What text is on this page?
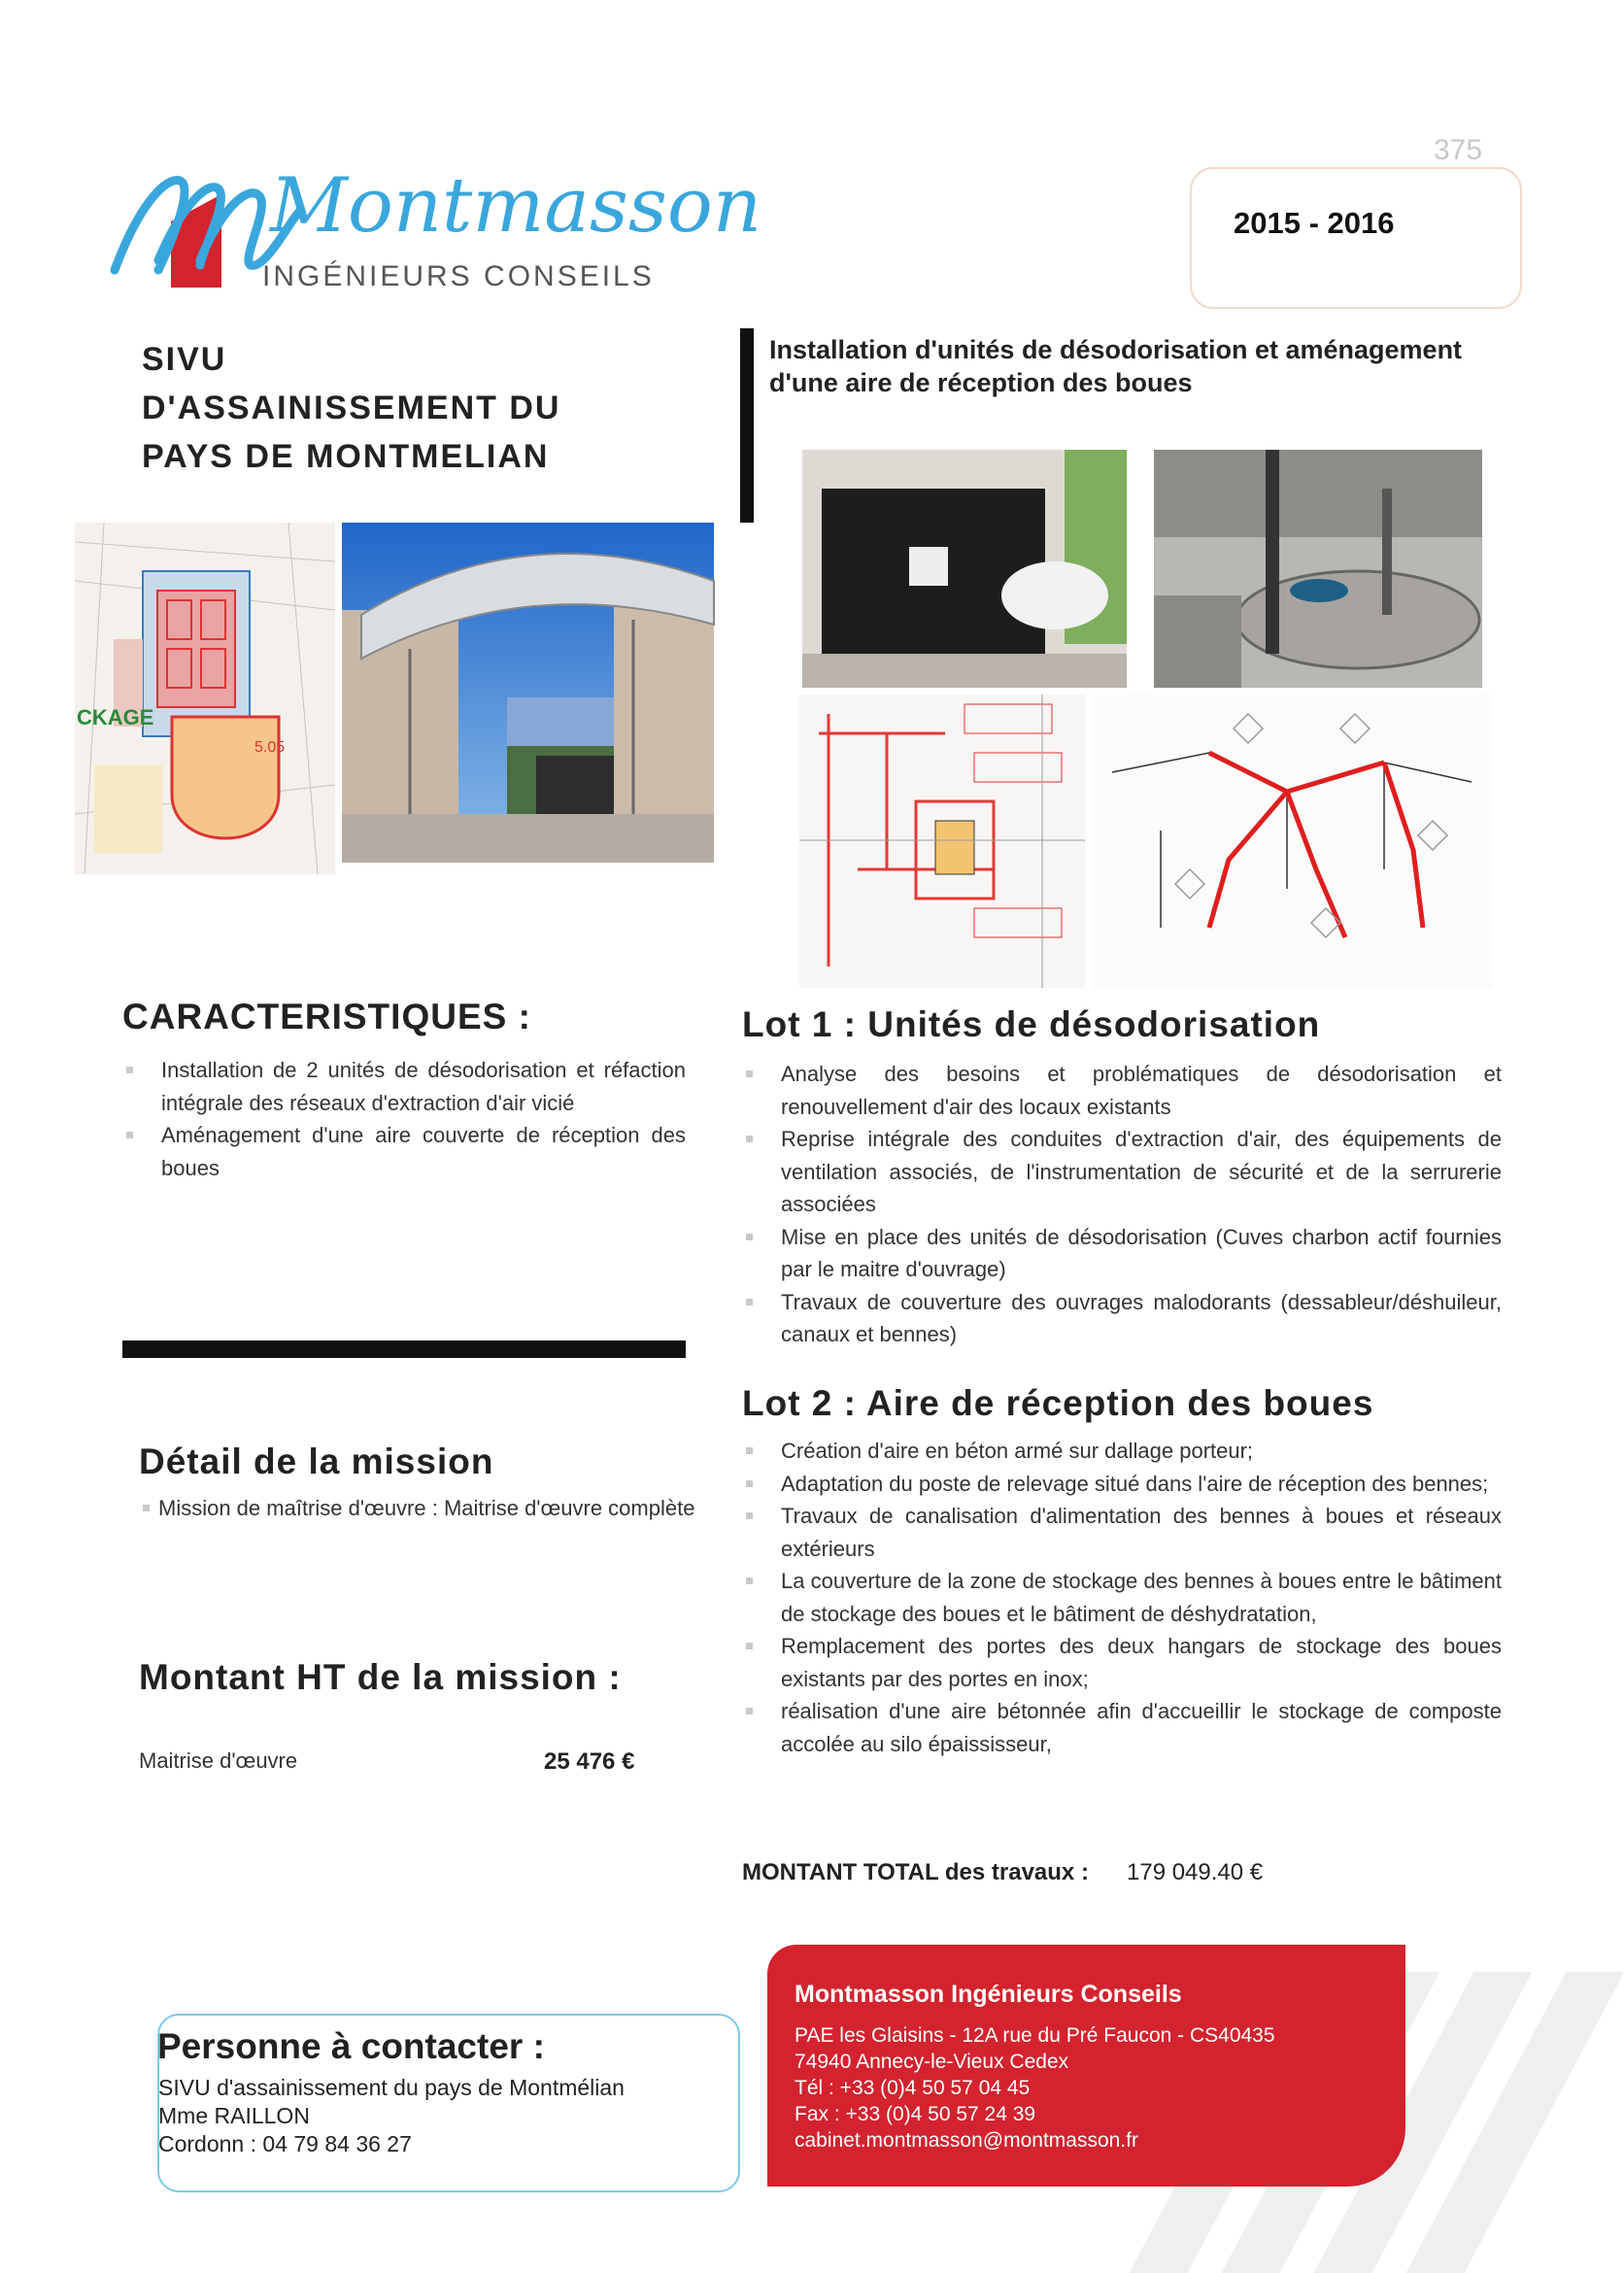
375
2015 - 2016
Montmasson
INGÉNIEURS CONSEILS
SIVU
D'ASSAINISSEMENT DU
PAYS DE MONTMELIAN
Installation d'unités de désodorisation et aménagement d'une aire de réception des boues
CKAGE
5.05
CARACTERISTIQUES :
Installation de 2 unités de désodorisation et réfaction intégrale des réseaux d'extraction d'air vicié
Aménagement d'une aire couverte de réception des boues
Détail de la mission
Mission de maîtrise d'œuvre : Maitrise d'œuvre complète
Montant HT de la mission :
Maitrise d'œuvre	25 476 €
Lot 1 : Unités de désodorisation
Analyse des besoins et problématiques de désodorisation et renouvellement d'air des locaux existants
Reprise intégrale des conduites d'extraction d'air, des équipements de ventilation associés, de l'instrumentation de sécurité et de la serrurerie associées
Mise en place des unités de désodorisation (Cuves charbon actif fournies par le maitre d'ouvrage)
Travaux de couverture des ouvrages malodorants (dessableur/déshuileur, canaux et bennes)
Lot 2 : Aire de réception des boues
Création d'aire en béton armé sur dallage porteur;
Adaptation du poste de relevage situé dans l'aire de réception des bennes;
Travaux de canalisation d'alimentation des bennes à boues et réseaux extérieurs
La couverture de la zone de stockage des bennes à boues entre le bâtiment de stockage des boues et le bâtiment de déshydratation,
Remplacement des portes des deux hangars de stockage des boues existants par des portes en inox;
réalisation d'une aire bétonnée afin d'accueillir le stockage de composte accolée au silo épaississeur,
MONTANT TOTAL des travaux : 179 049.40 €
Montmasson Ingénieurs Conseils
PAE les Glaisins - 12A rue du Pré Faucon - CS40435
74940 Annecy-le-Vieux Cedex
Tél : +33 (0)4 50 57 04 45
Fax : +33 (0)4 50 57 24 39
cabinet.montmasson@montmasson.fr
Personne à contacter :
SIVU d'assainissement du pays de Montmélian
Mme RAILLON
Cordonn : 04 79 84 36 27
